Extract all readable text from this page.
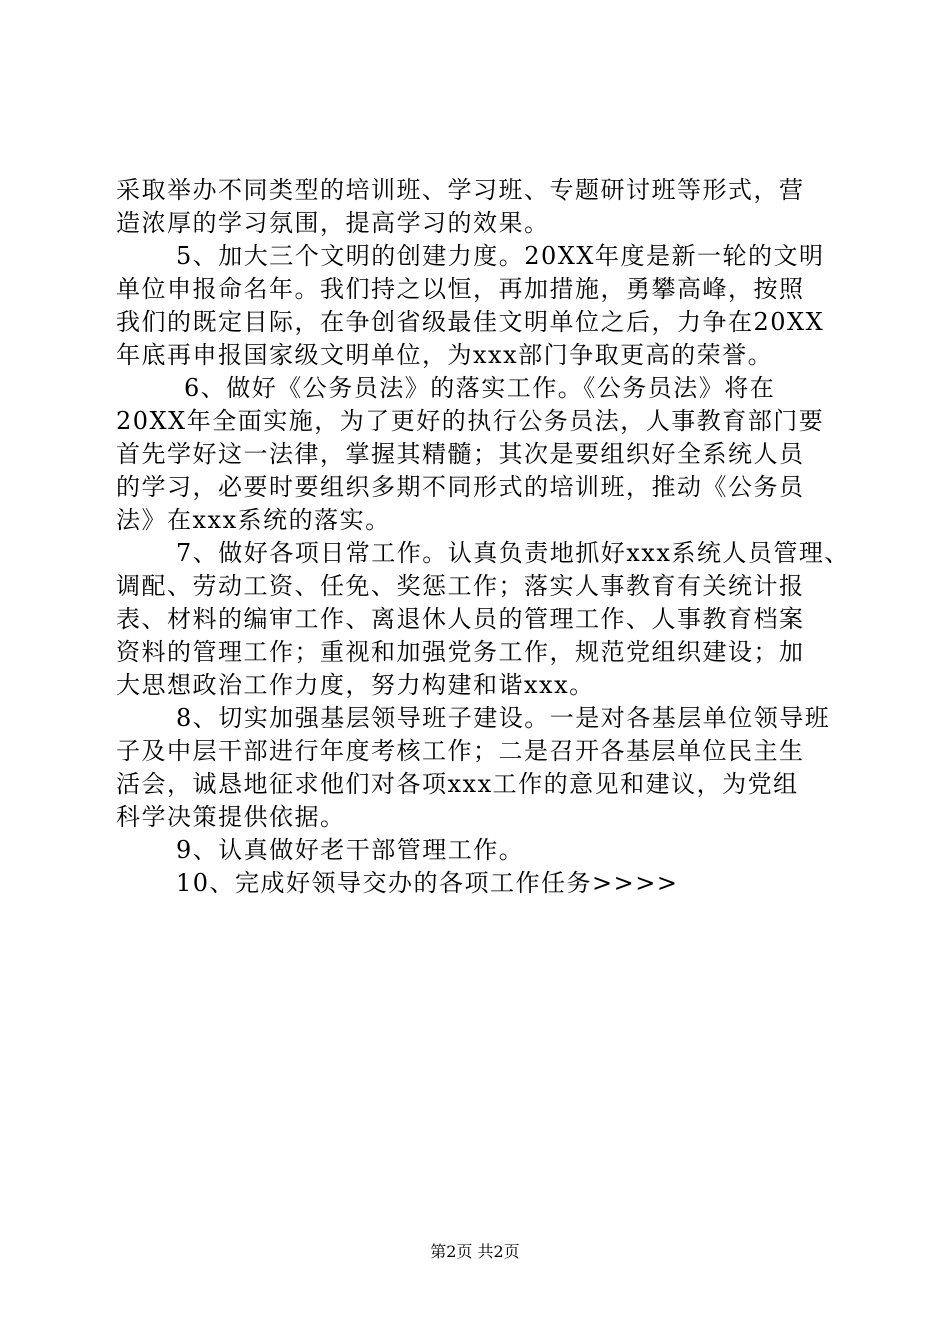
采取举办不同类型的培训班、学习班、专题研讨班等形式，营
造浓厚的学习氛围，提高学习的效果。
5、加大三个文明的创建力度。20XX年度是新一轮的文明
单位申报命名年。我们持之以恒，再加措施，勇攀高峰，按照
我们的既定目际，在争创省级最佳文明单位之后，力争在20XX
年底再申报国家级文明单位，为xxx部门争取更高的荣誉。
6、做好《公务员法》的落实工作。《公务员法》将在
20XX年全面实施，为了更好的执行公务员法，人事教育部门要
首先学好这一法律，掌握其精髓；其次是要组织好全系统人员
的学习，必要时要组织多期不同形式的培训班，推动《公务员
法》在xxx系统的落实。
7、做好各项日常工作。认真负责地抓好xxx系统人员管理、
调配、劳动工资、任免、奖惩工作；落实人事教育有关统计报
表、材料的编审工作、离退休人员的管理工作、人事教育档案
资料的管理工作；重视和加强党务工作，规范党组织建设；加
大思想政治工作力度，努力构建和谐xxx。
8、切实加强基层领导班子建设。一是对各基层单位领导班
子及中层干部进行年度考核工作；二是召开各基层单位民主生
活会，诚恳地征求他们对各项xxx工作的意见和建议，为党组
科学决策提供依据。
9、认真做好老干部管理工作。
10、完成好领导交办的各项工作任务>>>>
第2页 共2页
